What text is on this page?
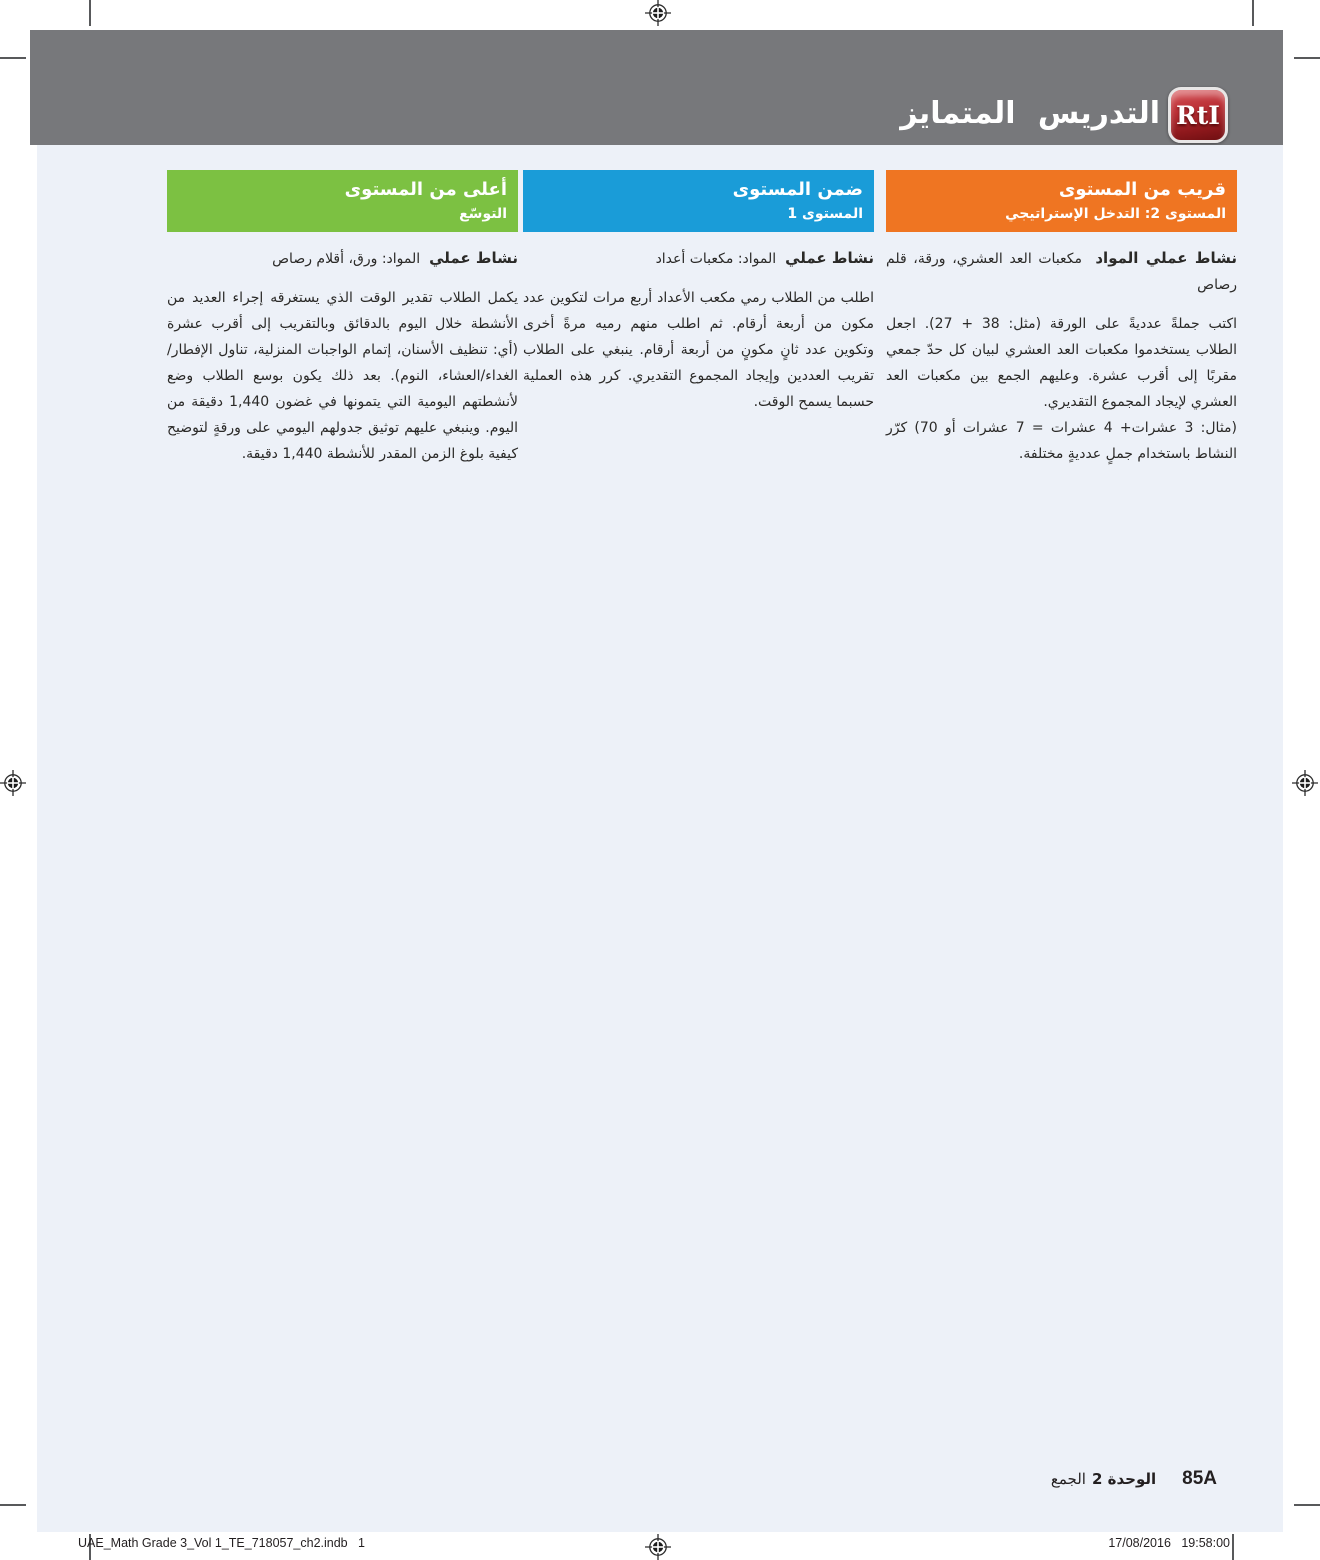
التدريس المتمايز RtI
قريب من المستوى
المستوى 2: التدخل الإستراتيجي
نشاط عملي المواد  مكعبات العد العشري، ورقة، قلم رصاص

اكتب جملةً عدديةً على الورقة (مثل: 38 + 27). اجعل الطلاب يستخدموا مكعبات العد العشري لبيان كل حدّ جمعي مقربًا إلى أقرب عشرة. وعليهم الجمع بين مكعبات العد العشري لإيجاد المجموع التقديري.

(مثال: 3 عشرات+ 4 عشرات = 7 عشرات أو 70) كرّر النشاط باستخدام جملٍ عدديةٍ مختلفة.

ضمن المستوى
المستوى 1
نشاط عملي  المواد: مكعبات أعداد

اطلب من الطلاب رمي مكعب الأعداد أربع مرات لتكوين عدد مكون من أربعة أرقام. ثم اطلب منهم رميه مرةً أخرى وتكوين عدد ثانٍ مكونٍ من أربعة أرقام. ينبغي على الطلاب تقريب العددين وإيجاد المجموع التقديري. كرر هذه العملية حسبما يسمح الوقت.

أعلى من المستوى
التوسّع
نشاط عملي  المواد: ورق، أقلام رصاص

يكمل الطلاب تقدير الوقت الذي يستغرقه إجراء العديد من الأنشطة خلال اليوم بالدقائق وبالتقريب إلى أقرب عشرة (أي: تنظيف الأسنان، إتمام الواجبات المنزلية، تناول الإفطار/الغداء/العشاء، النوم). بعد ذلك يكون بوسع الطلاب وضع لأنشطتهم اليومية التي يتمونها في غضون 1,440 دقيقة من اليوم. وينبغي عليهم توثيق جدولهم اليومي على ورقةٍ لتوضيح كيفية بلوغ الزمن المقدر للأنشطة 1,440 دقيقة.

85Aالوحدة 2الجمع
UAE_Math Grade 3_Vol 1_TE_718057_ch2.indb   1	17/08/2016 19:58:00
